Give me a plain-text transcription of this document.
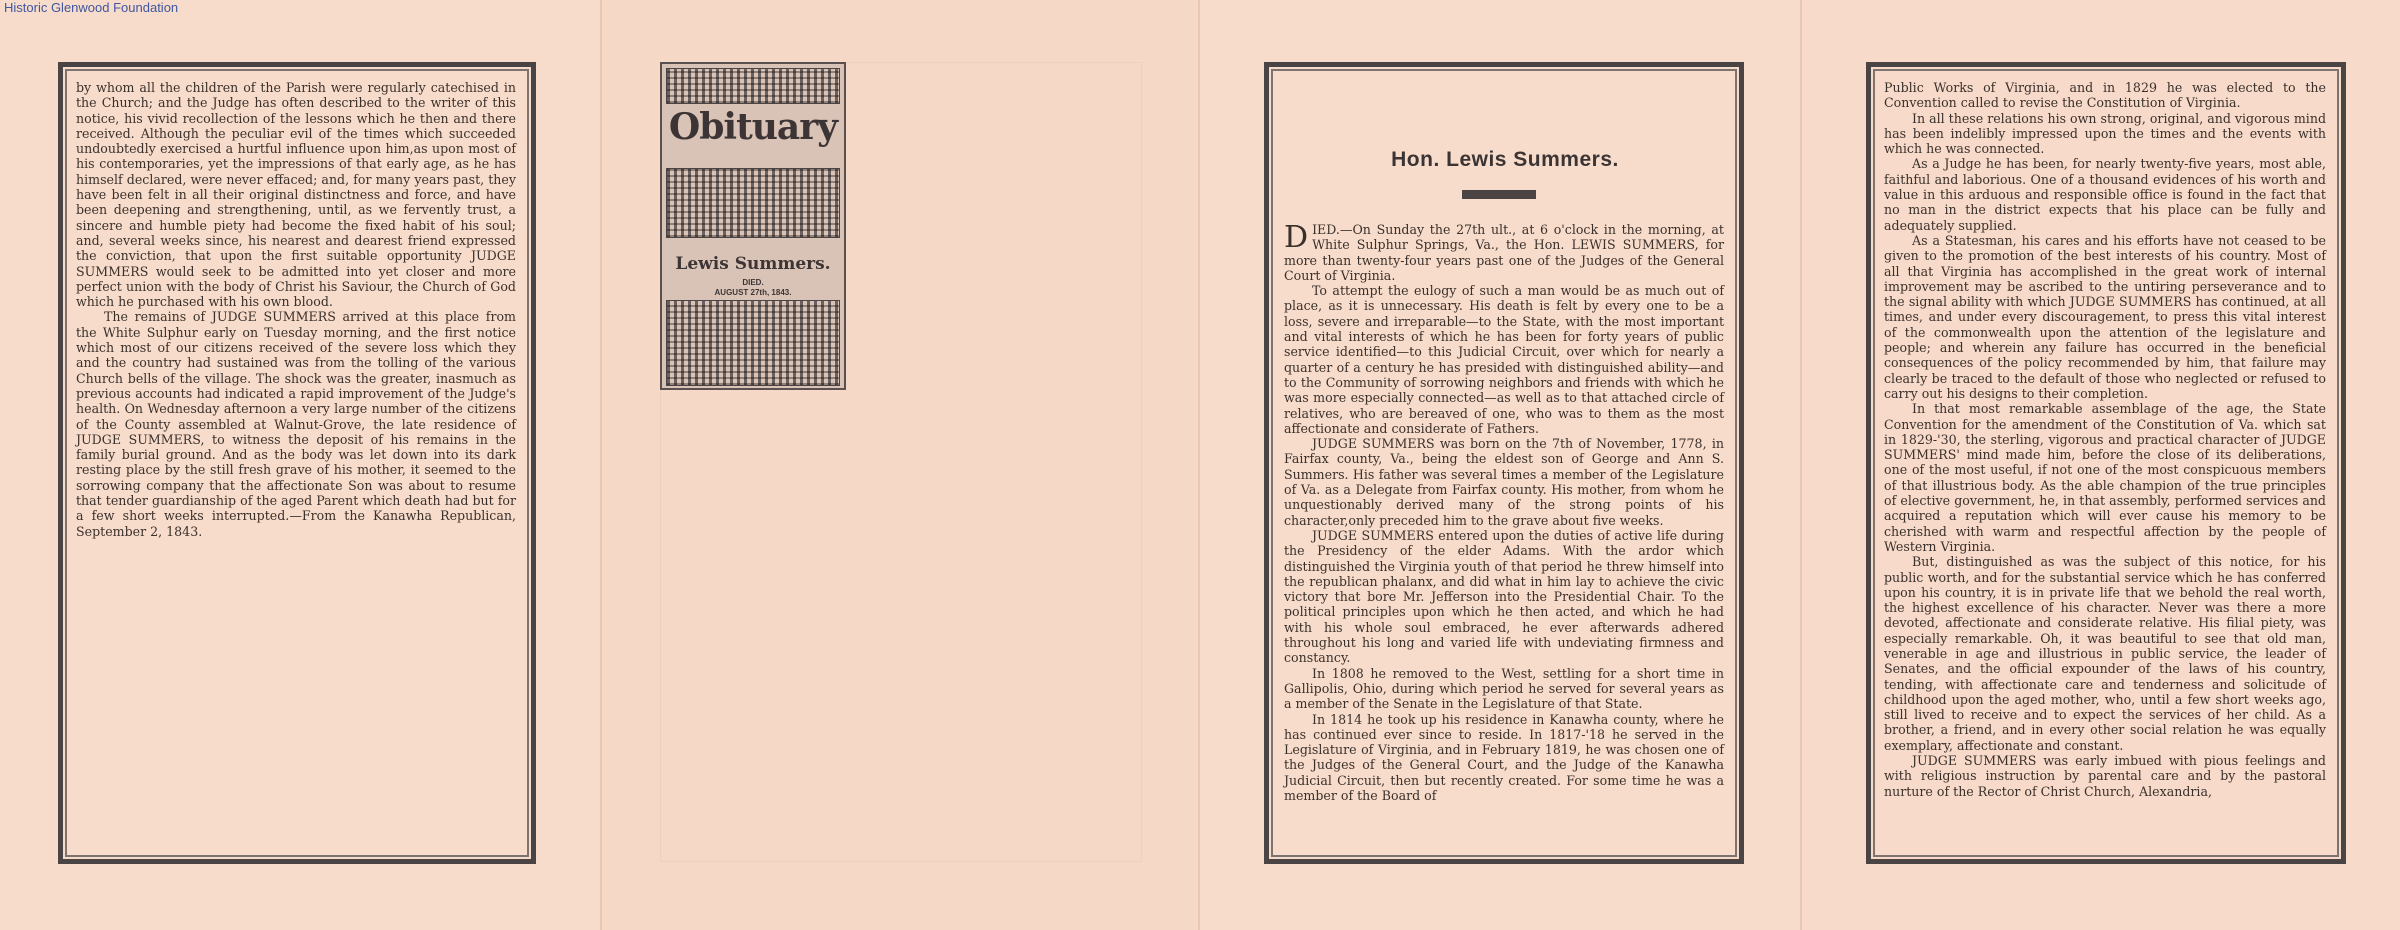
Historic Glenwood Foundation

by whom all the children of the Parish were regularly catechised in the Church; and the Judge has often described to the writer of this notice, his vivid recollection of the lessons which he then and there received. Although the peculiar evil of the times which succeeded undoubtedly exercised a hurtful influence upon him,as upon most of his contemporaries, yet the impressions of that early age, as he has himself declared, were never effaced; and, for many years past, they have been felt in all their original distinctness and force, and have been deepening and strengthening, until, as we fervently trust, a sincere and humble piety had become the fixed habit of his soul; and, several weeks since, his nearest and dearest friend expressed the conviction, that upon the first suitable opportunity JUDGE SUMMERS would seek to be admitted into yet closer and more perfect union with the body of Christ his Saviour, the Church of God which he purchased with his own blood.

The remains of JUDGE SUMMERS arrived at this place from the White Sulphur early on Tuesday morning, and the first notice which most of our citizens received of the severe loss which they and the country had sustained was from the tolling of the various Church bells of the village. The shock was the greater, inasmuch as previous accounts had indicated a rapid improvement of the Judge's health. On Wednesday afternoon a very large number of the citizens of the County assembled at Walnut-Grove, the late residence of JUDGE SUMMERS, to witness the deposit of his remains in the family burial ground. And as the body was let down into its dark resting place by the still fresh grave of his mother, it seemed to the sorrowing company that the affectionate Son was about to resume that tender guardianship of the aged Parent which death had but for a few short weeks interrupted.—From the Kanawha Republican, September 2, 1843.

Obituary
Lewis Summers.
DIED.
AUGUST 27th, 1843.
Hon. Lewis Summers.

DIED.—On Sunday the 27th ult., at 6 o'clock in the morning, at White Sulphur Springs, Va., the Hon. LEWIS SUMMERS, for more than twenty-four years past one of the Judges of the General Court of Virginia.

To attempt the eulogy of such a man would be as much out of place, as it is unnecessary. His death is felt by every one to be a loss, severe and irreparable—to the State, with the most important and vital interests of which he has been for forty years of public service identified—to this Judicial Circuit, over which for nearly a quarter of a century he has presided with distinguished ability—and to the Community of sorrowing neighbors and friends with which he was more especially connected—as well as to that attached circle of relatives, who are bereaved of one, who was to them as the most affectionate and considerate of Fathers.

JUDGE SUMMERS was born on the 7th of November, 1778, in Fairfax county, Va., being the eldest son of George and Ann S. Summers. His father was several times a member of the Legislature of Va. as a Delegate from Fairfax county. His mother, from whom he unquestionably derived many of the strong points of his character,only preceded him to the grave about five weeks.

JUDGE SUMMERS entered upon the duties of active life during the Presidency of the elder Adams. With the ardor which distinguished the Virginia youth of that period he threw himself into the republican phalanx, and did what in him lay to achieve the civic victory that bore Mr. Jefferson into the Presidential Chair. To the political principles upon which he then acted, and which he had with his whole soul embraced, he ever afterwards adhered throughout his long and varied life with undeviating firmness and constancy.

In 1808 he removed to the West, settling for a short time in Gallipolis, Ohio, during which period he served for several years as a member of the Senate in the Legislature of that State.

In 1814 he took up his residence in Kanawha county, where he has continued ever since to reside. In 1817-'18 he served in the Legislature of Virginia, and in February 1819, he was chosen one of the Judges of the General Court, and the Judge of the Kanawha Judicial Circuit, then but recently created. For some time he was a member of the Board of

Public Works of Virginia, and in 1829 he was elected to the Convention called to revise the Constitution of Virginia.

In all these relations his own strong, original, and vigorous mind has been indelibly impressed upon the times and the events with which he was connected.

As a Judge he has been, for nearly twenty-five years, most able, faithful and laborious. One of a thousand evidences of his worth and value in this arduous and responsible office is found in the fact that no man in the district expects that his place can be fully and adequately supplied.

As a Statesman, his cares and his efforts have not ceased to be given to the promotion of the best interests of his country. Most of all that Virginia has accomplished in the great work of internal improvement may be ascribed to the untiring perseverance and to the signal ability with which JUDGE SUMMERS has continued, at all times, and under every discouragement, to press this vital interest of the commonwealth upon the attention of the legislature and people; and wherein any failure has occurred in the beneficial consequences of the policy recommended by him, that failure may clearly be traced to the default of those who neglected or refused to carry out his designs to their completion.

In that most remarkable assemblage of the age, the State Convention for the amendment of the Constitution of Va. which sat in 1829-'30, the sterling, vigorous and practical character of JUDGE SUMMERS' mind made him, before the close of its deliberations, one of the most useful, if not one of the most conspicuous members of that illustrious body. As the able champion of the true principles of elective government, he, in that assembly, performed services and acquired a reputation which will ever cause his memory to be cherished with warm and respectful affection by the people of Western Virginia.

But, distinguished as was the subject of this notice, for his public worth, and for the substantial service which he has conferred upon his country, it is in private life that we behold the real worth, the highest excellence of his character. Never was there a more devoted, affectionate and considerate relative. His filial piety, was especially remarkable. Oh, it was beautiful to see that old man, venerable in age and illustrious in public service, the leader of Senates, and the official expounder of the laws of his country, tending, with affectionate care and tenderness and solicitude of childhood upon the aged mother, who, until a few short weeks ago, still lived to receive and to expect the services of her child. As a brother, a friend, and in every other social relation he was equally exemplary, affectionate and constant.

JUDGE SUMMERS was early imbued with pious feelings and with religious instruction by parental care and by the pastoral nurture of the Rector of Christ Church, Alexandria,
